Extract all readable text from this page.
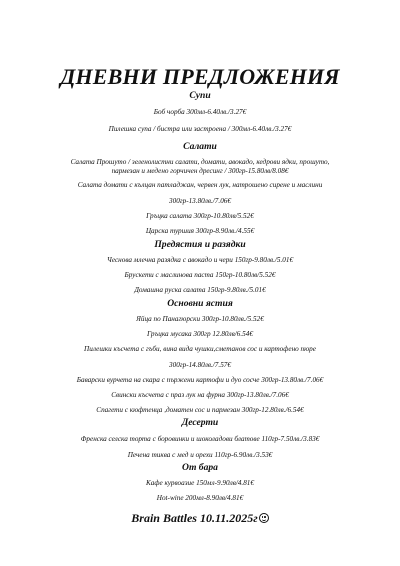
ДНЕВНИ ПРЕДЛОЖЕНИЯ
Супи
Боб чорба 300мл-6.40лв./3.27€
Пилешка супа / бистра или застроена / 300мл-6.40лв./3.27€
Салати
Салата Прошуто / зеленолистни салати, домати, авокадо, кедрови ядки, прошуто,
пармезан и медено горчичен дресинг / 300гр-15.80лв/8.08€
Салата домати с кълцан патладжан, червен лук, натрошено сирене и маслини
300гр-13.80лв./7.06€
Гръцка салата 300гр-10.80лв/5.52€
Царска туршия 300гр-8.90лв./4.55€
Предястия и разядки
Чеснова млечна разядка с авокадо и чери 150гр-9.80лв./5.01€
Брускети с маслинова паста 150гр-10.80лв/5.52€
Домашна руска салата 150гр-9.80лв./5.01€
Основни ястия
Яйца по Панагюрски 300гр-10.80лв./5.52€
Гръцка мусака 300гр 12.80лв/6.54€
Пилешки късчета с гъби, вина вида чушки,сметанов сос и картофено пюре
300гр-14.80лв./7.57€
Баварски вурчета на скара с пържени картофи и дуо сосче 300гр-13.80лв./7.06€
Свински късчета с праз лук на фурна 300гр-13.80лв./7.06€
Спагети с кюфтенца ,доматен сос и пармезан 300гр-12.80лв./6.54€
Десерти
Френска селска торта с боровинки и шоколадови блатове 110гр-7.50лв./3.83€
Печена тиква с мед и орехи 110гр-6.90лв./3.53€
От бара
Кафе курвоазие 150мл-9.90лв/4.81€
Hot-wine 200мл-8.90лв/4.81€
Brain Battles 10.11.2025г
